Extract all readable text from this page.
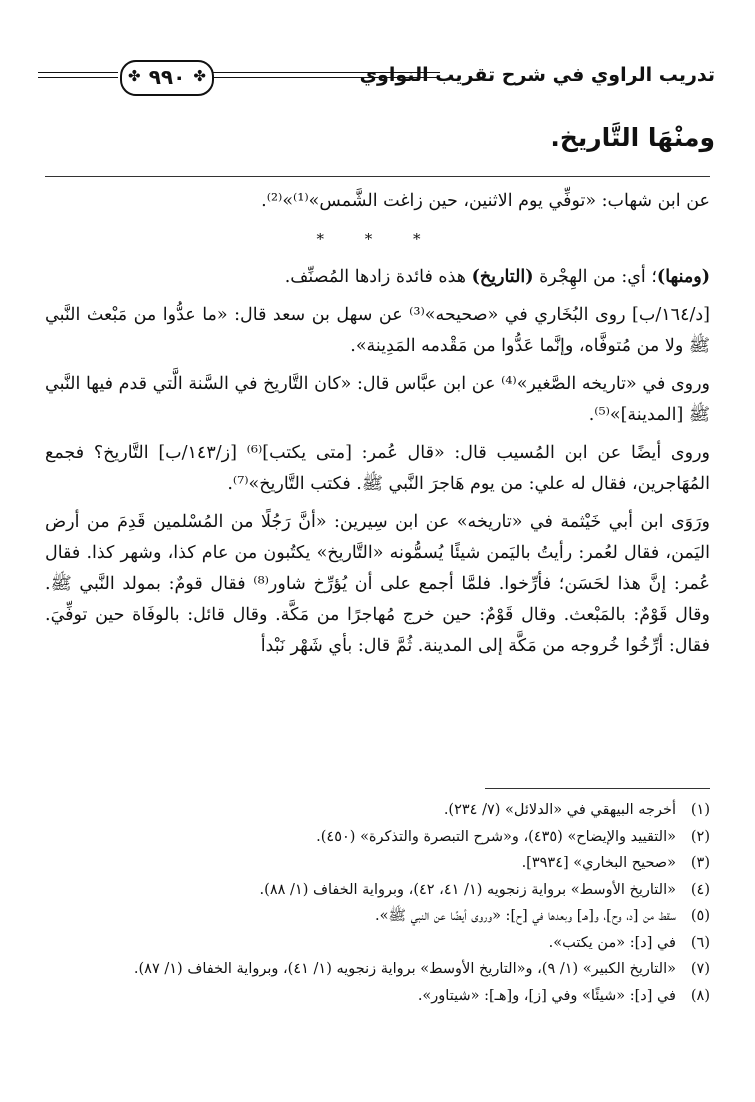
تدريب الراوي في شرح تقريب النواوي
✤ ٩٩٠ ✤
ومنْهَا التَّاريخ.

عن ابن شهاب: «توفِّي يوم الاثنين، حين زاغت الشَّمس»⁽¹⁾»⁽²⁾.

* * *

(ومنها)؛ أي: من الهِجْرة (التاريخ) هذه فائدة زادها المُصنِّف.

[د/١٦٤/ب] روى البُخَاري في «صحيحه»⁽³⁾ عن سهل بن سعد قال: «ما عدُّوا من مَبْعث النَّبي ﷺ ولا من مُتوفَّاه، وإنَّما عَدُّوا من مَقْدمه المَدِينة».

وروى في «تاريخه الصَّغير»⁽⁴⁾ عن ابن عبَّاس قال: «كان التَّاريخ في السَّنة الَّتي قدم فيها النَّبي ﷺ [المدينة]»⁽⁵⁾.

وروى أيضًا عن ابن المُسيب قال: «قال عُمر: [متى يكتب]⁽⁶⁾ [ز/١٤٣/ب] التَّاريخ؟ فجمع المُهَاجرين، فقال له علي: من يوم هَاجرَ النَّبي ﷺ. فكتب التَّاريخ»⁽⁷⁾.

ورَوَى ابن أبي خَيْثمة في «تاريخه» عن ابن سِيرين: «أنَّ رَجُلًا من المُسْلمين قَدِمَ من أرض اليَمن، فقال لعُمر: رأيتُ باليَمن شيئًا يُسمُّونه «التَّاريخ» يكتُبون من عام كذا، وشهر كذا. فقال عُمر: إنَّ هذا لحَسَن؛ فأرِّخوا. فلمَّا أجمع على أن يُؤرِّخ شاور⁽⁸⁾ فقال قومٌ: بمولد النَّبي ﷺ. وقال قَوْمٌ: بالمَبْعث. وقال قَوْمٌ: حين خرج مُهاجرًا من مَكَّة. وقال قائل: بالوفَاة حين توفِّيَ. فقال: أرِّخُوا خُروجه من مَكَّة إلى المدينة. ثُمَّ قال: بأي شَهْر نَبْدأ

(١)
أخرجه البيهقي في «الدلائل» (٧/ ٢٣٤).
(٢)
«التقييد والإيضاح» (٤٣٥)، و«شرح التبصرة والتذكرة» (٤٥٠).
(٣)
«صحيح البخاري» [٣٩٣٤].
(٤)
«التاريخ الأوسط» برواية زنجويه (١/ ٤١، ٤٢)، وبرواية الخفاف (١/ ٨٨).
(٥)
سقط من [د، وح]، و[هـ] وبعدها في [ح]: «وروى أيضًا عن النبي ﷺ».
(٦)
في [د]: «من يكتب».
(٧)
«التاريخ الكبير» (١/ ٩)، و«التاريخ الأوسط» برواية زنجويه (١/ ٤١)، وبرواية الخفاف (١/ ٨٧).
(٨)
في [د]: «شيئًا» وفي [ز]، و[هـ]: «شيتاور».
